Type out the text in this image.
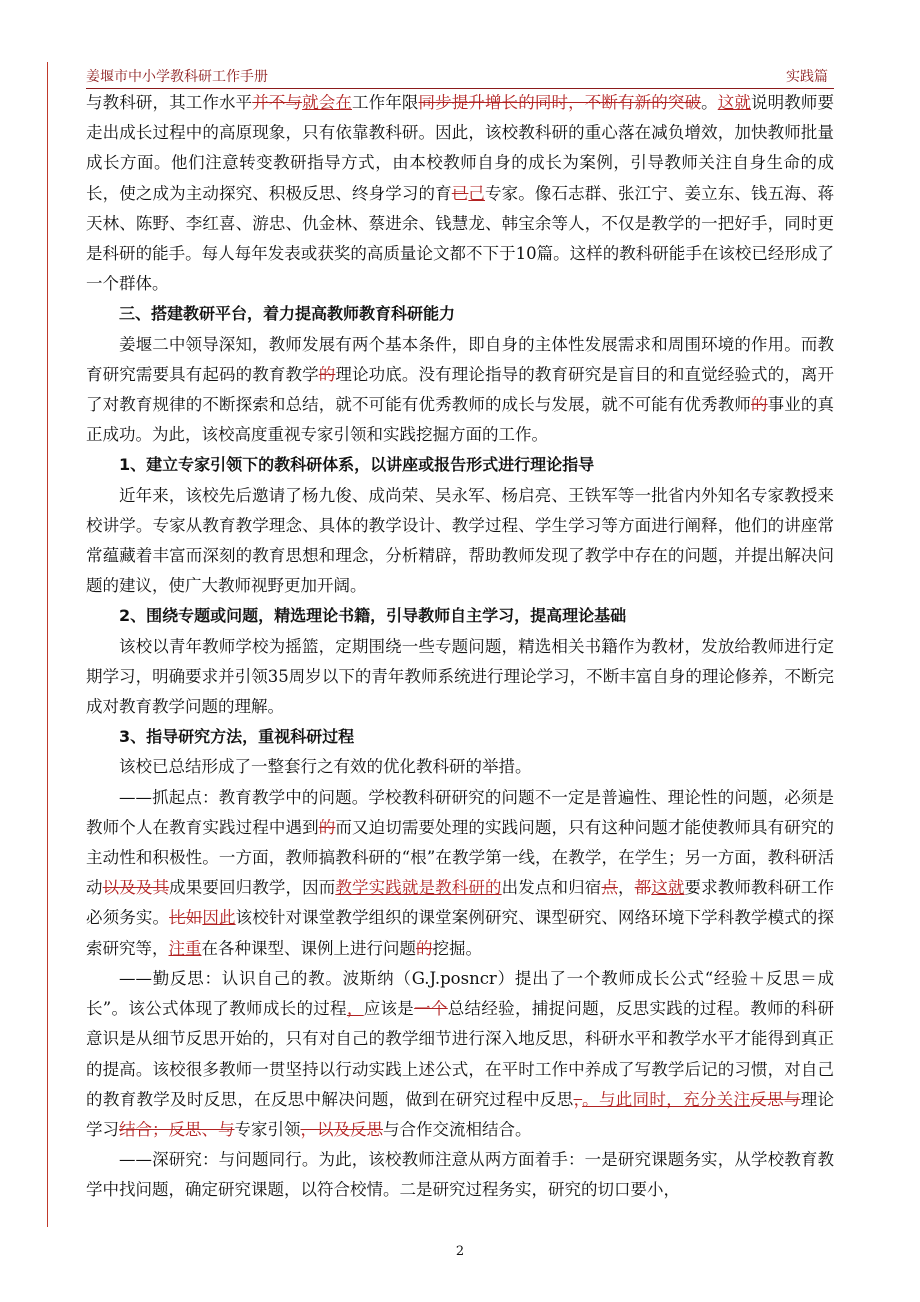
姜堰市中小学教科研工作手册	实践篇

与教科研，其工作水平并不与就会在工作年限同步提升增长的同时，不断有新的突破。这就说明教师要走出成长过程中的高原现象，只有依靠教科研。因此，该校教科研的重心落在减负增效，加快教师批量成长方面。他们注意转变教研指导方式，由本校教师自身的成长为案例，引导教师关注自身生命的成长，使之成为主动探究、积极反思、终身学习的育已己专家。像石志群、张江宁、姜立东、钱五海、蒋天林、陈野、李红喜、游忠、仇金林、蔡进余、钱慧龙、韩宝余等人，不仅是教学的一把好手，同时更是科研的能手。每人每年发表或获奖的高质量论文都不下于10篇。这样的教科研能手在该校已经形成了一个群体。

三、搭建教研平台，着力提高教师教育科研能力

姜堰二中领导深知，教师发展有两个基本条件，即自身的主体性发展需求和周围环境的作用。而教育研究需要具有起码的教育教学的理论功底。没有理论指导的教育研究是盲目的和直觉经验式的，离开了对教育规律的不断探索和总结，就不可能有优秀教师的成长与发展，就不可能有优秀教师的事业的真正成功。为此，该校高度重视专家引领和实践挖掘方面的工作。

1、建立专家引领下的教科研体系，以讲座或报告形式进行理论指导

近年来，该校先后邀请了杨九俊、成尚荣、吴永军、杨启亮、王铁军等一批省内外知名专家教授来校讲学。专家从教育教学理念、具体的教学设计、教学过程、学生学习等方面进行阐释，他们的讲座常常蕴藏着丰富而深刻的教育思想和理念，分析精辟，帮助教师发现了教学中存在的问题，并提出解决问题的建议，使广大教师视野更加开阔。

2、围绕专题或问题，精选理论书籍，引导教师自主学习，提高理论基础

该校以青年教师学校为摇篮，定期围绕一些专题问题，精选相关书籍作为教材，发放给教师进行定期学习，明确要求并引领35周岁以下的青年教师系统进行理论学习，不断丰富自身的理论修养，不断完成对教育教学问题的理解。

3、指导研究方法，重视科研过程

该校已总结形成了一整套行之有效的优化教科研的举措。

——抓起点：教育教学中的问题。学校教科研研究的问题不一定是普遍性、理论性的问题，必须是教师个人在教育实践过程中遇到的而又迫切需要处理的实践问题，只有这种问题才能使教师具有研究的主动性和积极性。一方面，教师搞教科研的“根”在教学第一线，在教学，在学生；另一方面，教科研活动以及及其成果要回归教学，因而教学实践就是教科研的出发点和归宿点，都这就要求教师教科研工作必须务实。比如因此该校针对课堂教学组织的课堂案例研究、课型研究、网络环境下学科教学模式的探索研究等，注重在各种课型、课例上进行问题的挖掘。

——勤反思：认识自己的教。波斯纳（G.J.posncr）提出了一个教师成长公式“经验＋反思＝成长”。该公式体现了教师成长的过程，应该是一个总结经验，捕捉问题，反思实践的过程。教师的科研意识是从细节反思开始的，只有对自己的教学细节进行深入地反思，科研水平和教学水平才能得到真正的提高。该校很多教师一贯坚持以行动实践上述公式，在平时工作中养成了写教学后记的习惯，对自己的教育教学及时反思，在反思中解决问题，做到在研究过程中反思，。与此同时，充分关注反思与理论学习结合；反思、与专家引领，以及反思与合作交流相结合。

——深研究：与问题同行。为此，该校教师注意从两方面着手：一是研究课题务实，从学校教育教学中找问题，确定研究课题，以符合校情。二是研究过程务实，研究的切口要小，

2
